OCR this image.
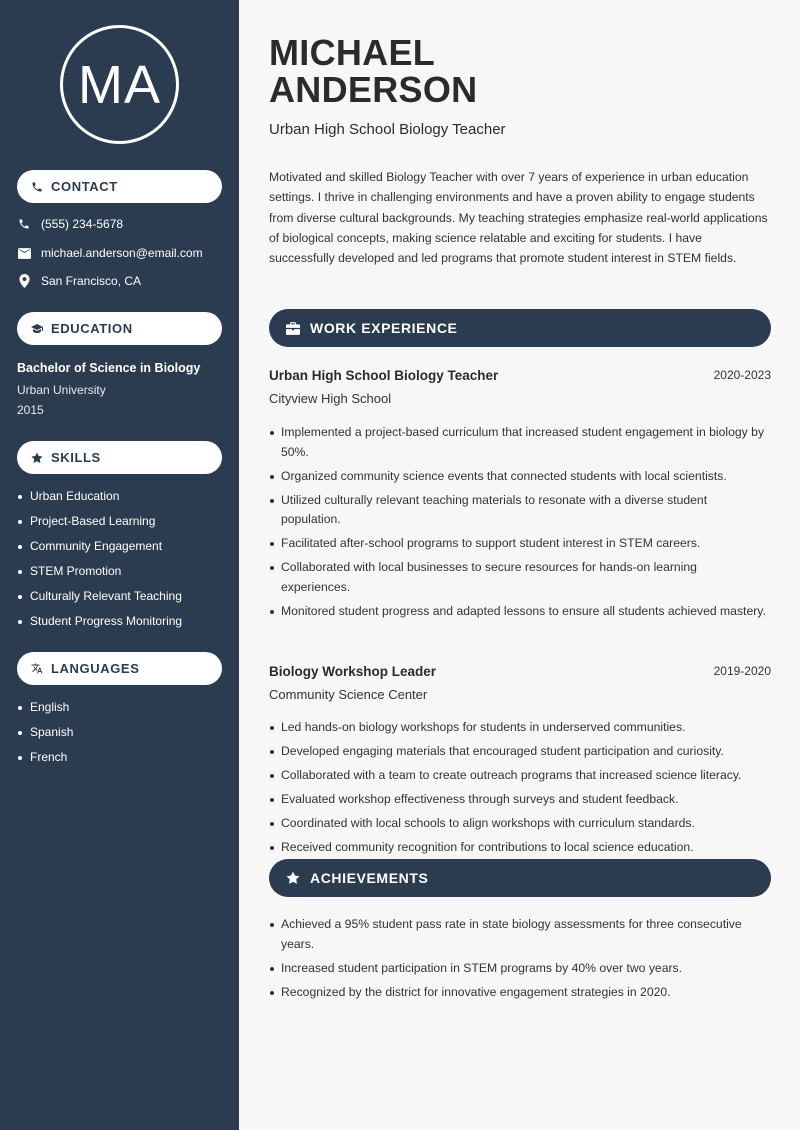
MA
CONTACT
(555) 234-5678
michael.anderson@email.com
San Francisco, CA
EDUCATION
Bachelor of Science in Biology
Urban University
2015
SKILLS
Urban Education
Project-Based Learning
Community Engagement
STEM Promotion
Culturally Relevant Teaching
Student Progress Monitoring
LANGUAGES
English
Spanish
French
MICHAEL
ANDERSON
Urban High School Biology Teacher

Motivated and skilled Biology Teacher with over 7 years of experience in urban education settings. I thrive in challenging environments and have a proven ability to engage students from diverse cultural backgrounds. My teaching strategies emphasize real-world applications of biological concepts, making science relatable and exciting for students. I have successfully developed and led programs that promote student interest in STEM fields.

WORK EXPERIENCE
Urban High School Biology Teacher	2020-2023
Cityview High School
Implemented a project-based curriculum that increased student engagement in biology by 50%.
Organized community science events that connected students with local scientists.
Utilized culturally relevant teaching materials to resonate with a diverse student population.
Facilitated after-school programs to support student interest in STEM careers.
Collaborated with local businesses to secure resources for hands-on learning experiences.
Monitored student progress and adapted lessons to ensure all students achieved mastery.
Biology Workshop Leader	2019-2020
Community Science Center
Led hands-on biology workshops for students in underserved communities.
Developed engaging materials that encouraged student participation and curiosity.
Collaborated with a team to create outreach programs that increased science literacy.
Evaluated workshop effectiveness through surveys and student feedback.
Coordinated with local schools to align workshops with curriculum standards.
Received community recognition for contributions to local science education.
ACHIEVEMENTS
Achieved a 95% student pass rate in state biology assessments for three consecutive years.
Increased student participation in STEM programs by 40% over two years.
Recognized by the district for innovative engagement strategies in 2020.
